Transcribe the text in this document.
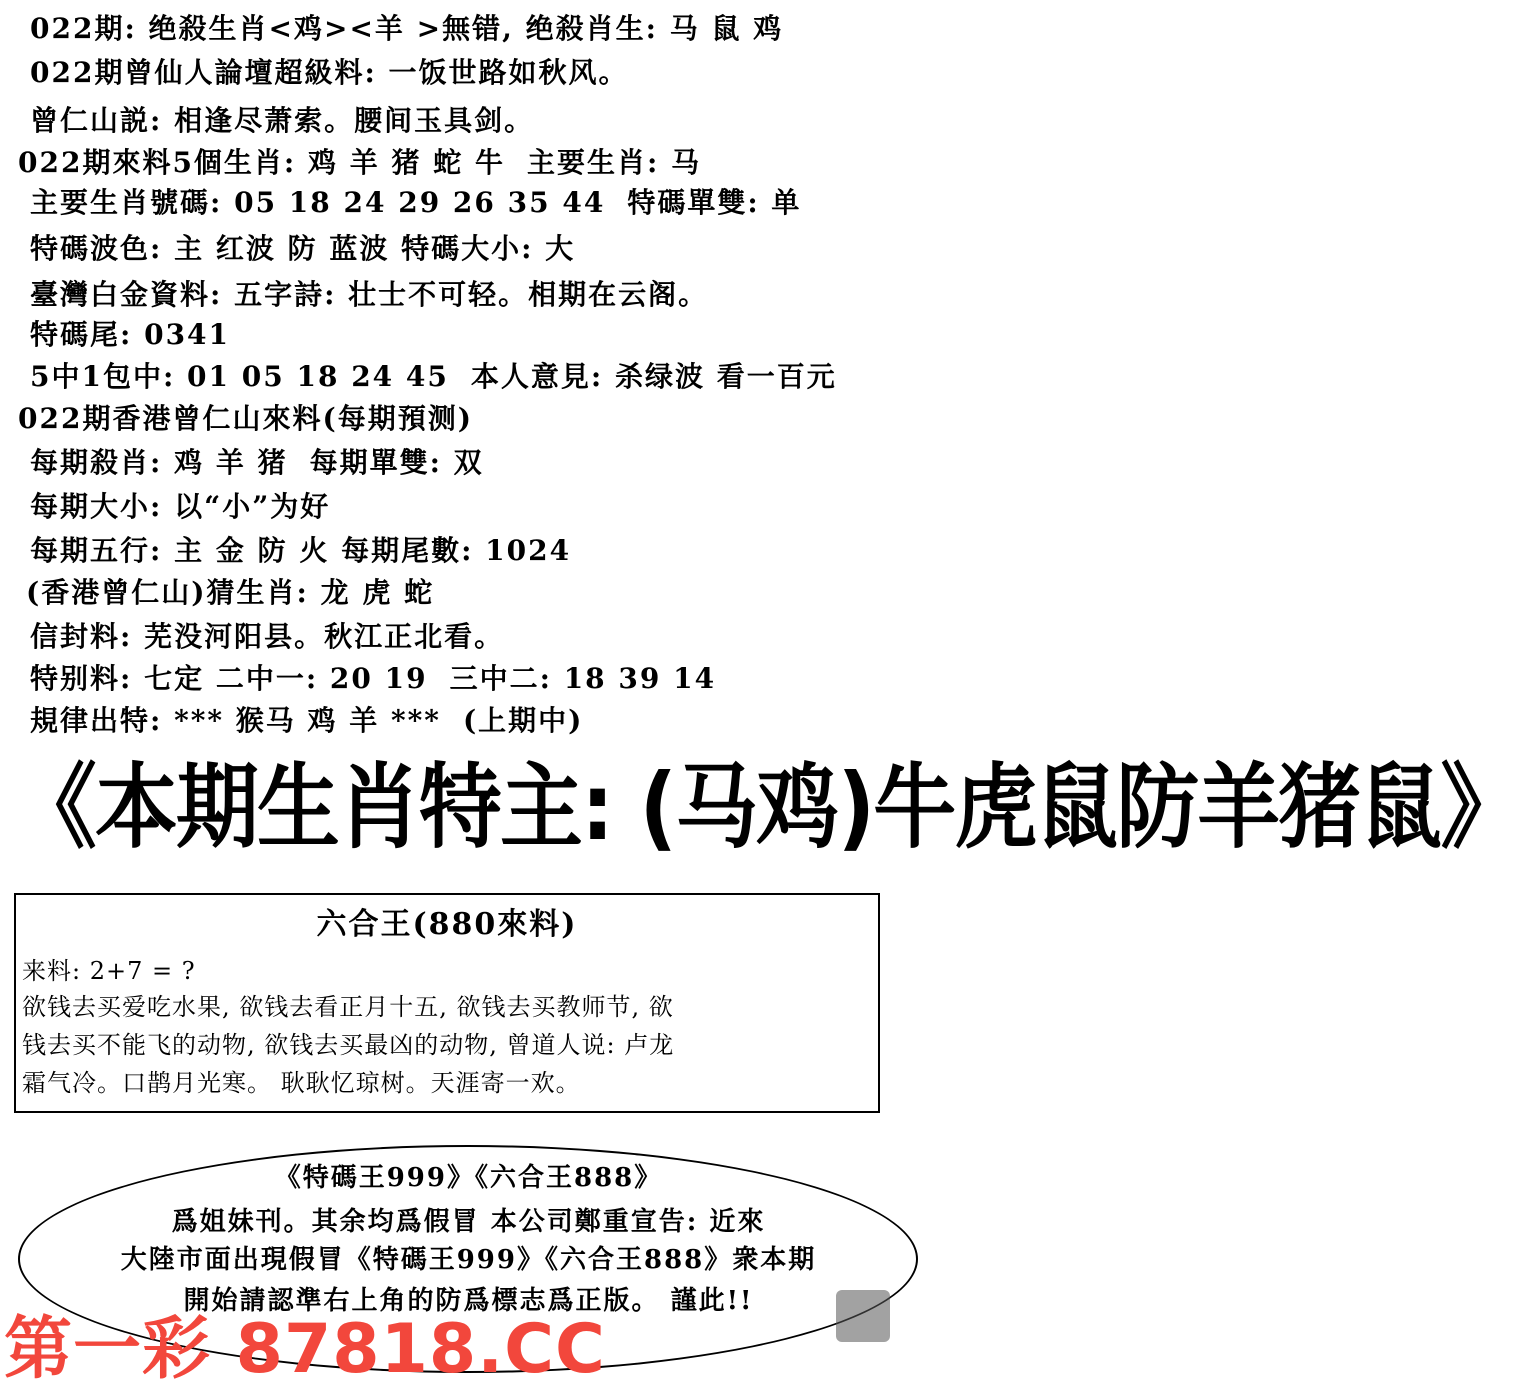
022期: 绝殺生肖<鸡><羊 >無错, 绝殺肖生: 马 鼠 鸡
022期曾仙人論壇超級料: 一饭世路如秋风。
曾仁山説: 相逢尽萧索。腰间玉具剑。
022期來料5個生肖: 鸡 羊 猪 蛇 牛 主要生肖: 马
主要生肖號碼: 05 18 24 29 26 35 44 特碼單雙: 单
特碼波色: 主 红波 防 蓝波 特碼大小: 大
臺灣白金資料: 五字詩: 壮士不可轻。相期在云阁。
特碼尾: 0341
5中1包中: 01 05 18 24 45 本人意見: 杀绿波 看一百元
022期香港曾仁山來料(每期預测)
每期殺肖: 鸡 羊 猪 每期單雙: 双
每期大小: 以“小”为好
每期五行: 主 金 防 火 每期尾數: 1024
(香港曾仁山)猜生肖: 龙 虎 蛇
信封料: 芜没河阳县。秋江正北看。
特别料: 七定 二中一: 20 19 三中二: 18 39 14
規律出特: *** 猴马 鸡 羊 *** (上期中)
《本期生肖特主: (马鸡)牛虎鼠防羊猪鼠》
六合王(880來料)
来料: 2+7 = ?
欲钱去买爱吃水果, 欲钱去看正月十五, 欲钱去买教师节, 欲
钱去买不能飞的动物, 欲钱去买最凶的动物, 曾道人说: 卢龙
霜气冷。口鹊月光寒。 耿耿忆琼树。天涯寄一欢。
《特碼王999》《六合王888》
爲姐妹刊。其余均爲假冒 本公司鄭重宣告: 近來
大陸市面出現假冒《特碼王999》《六合王888》衆本期
開始請認準右上角的防爲標志爲正版。 謹此!!
第一彩 87818.CC
